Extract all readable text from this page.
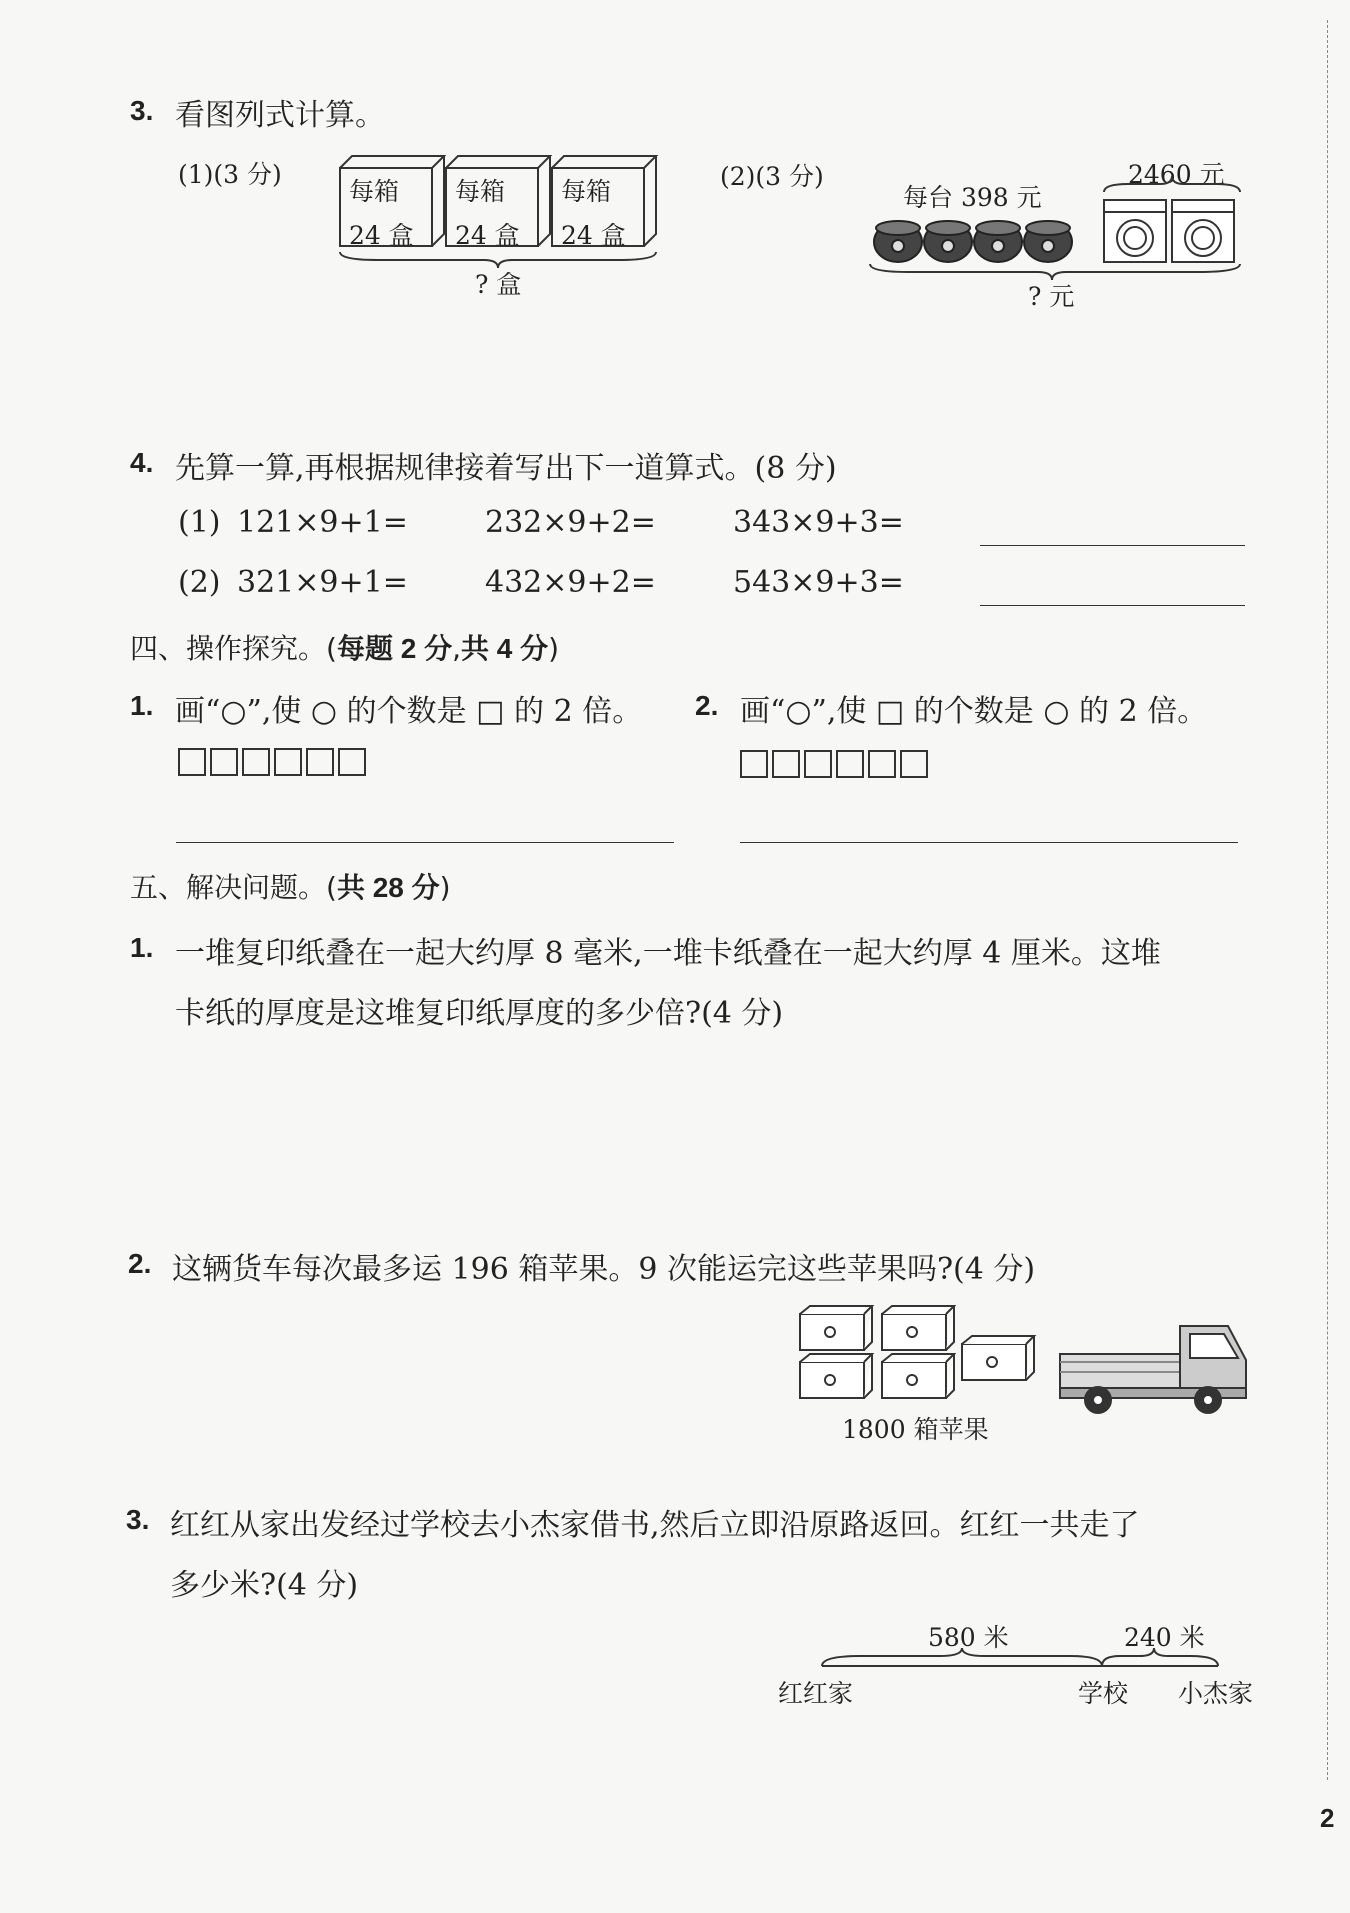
3. 看图列式计算。
(1)(3 分)
每箱
24 盒
每箱
24 盒
每箱
24 盒
? 盒
(2)(3 分)
每台 398 元
2460 元
? 元
4. 先算一算,再根据规律接着写出下一道算式。(8 分)
(1) 121×9+1=	232×9+2=	343×9+3=
(2) 321×9+1=	432×9+2=	543×9+3=
四、操作探究。(每题 2 分,共 4 分)
1. 画“○”,使 ○ 的个数是 □ 的 2 倍。 2. 画“○”,使 □ 的个数是 ○ 的 2 倍。
五、解决问题。(共 28 分)
1. 一堆复印纸叠在一起大约厚 8 毫米,一堆卡纸叠在一起大约厚 4 厘米。这堆
卡纸的厚度是这堆复印纸厚度的多少倍?(4 分)
2. 这辆货车每次最多运 196 箱苹果。9 次能运完这些苹果吗?(4 分)
1800 箱苹果
3. 红红从家出发经过学校去小杰家借书,然后立即沿原路返回。红红一共走了
多少米?(4 分)
580 米	240 米
红红家	学校 小杰家
2
